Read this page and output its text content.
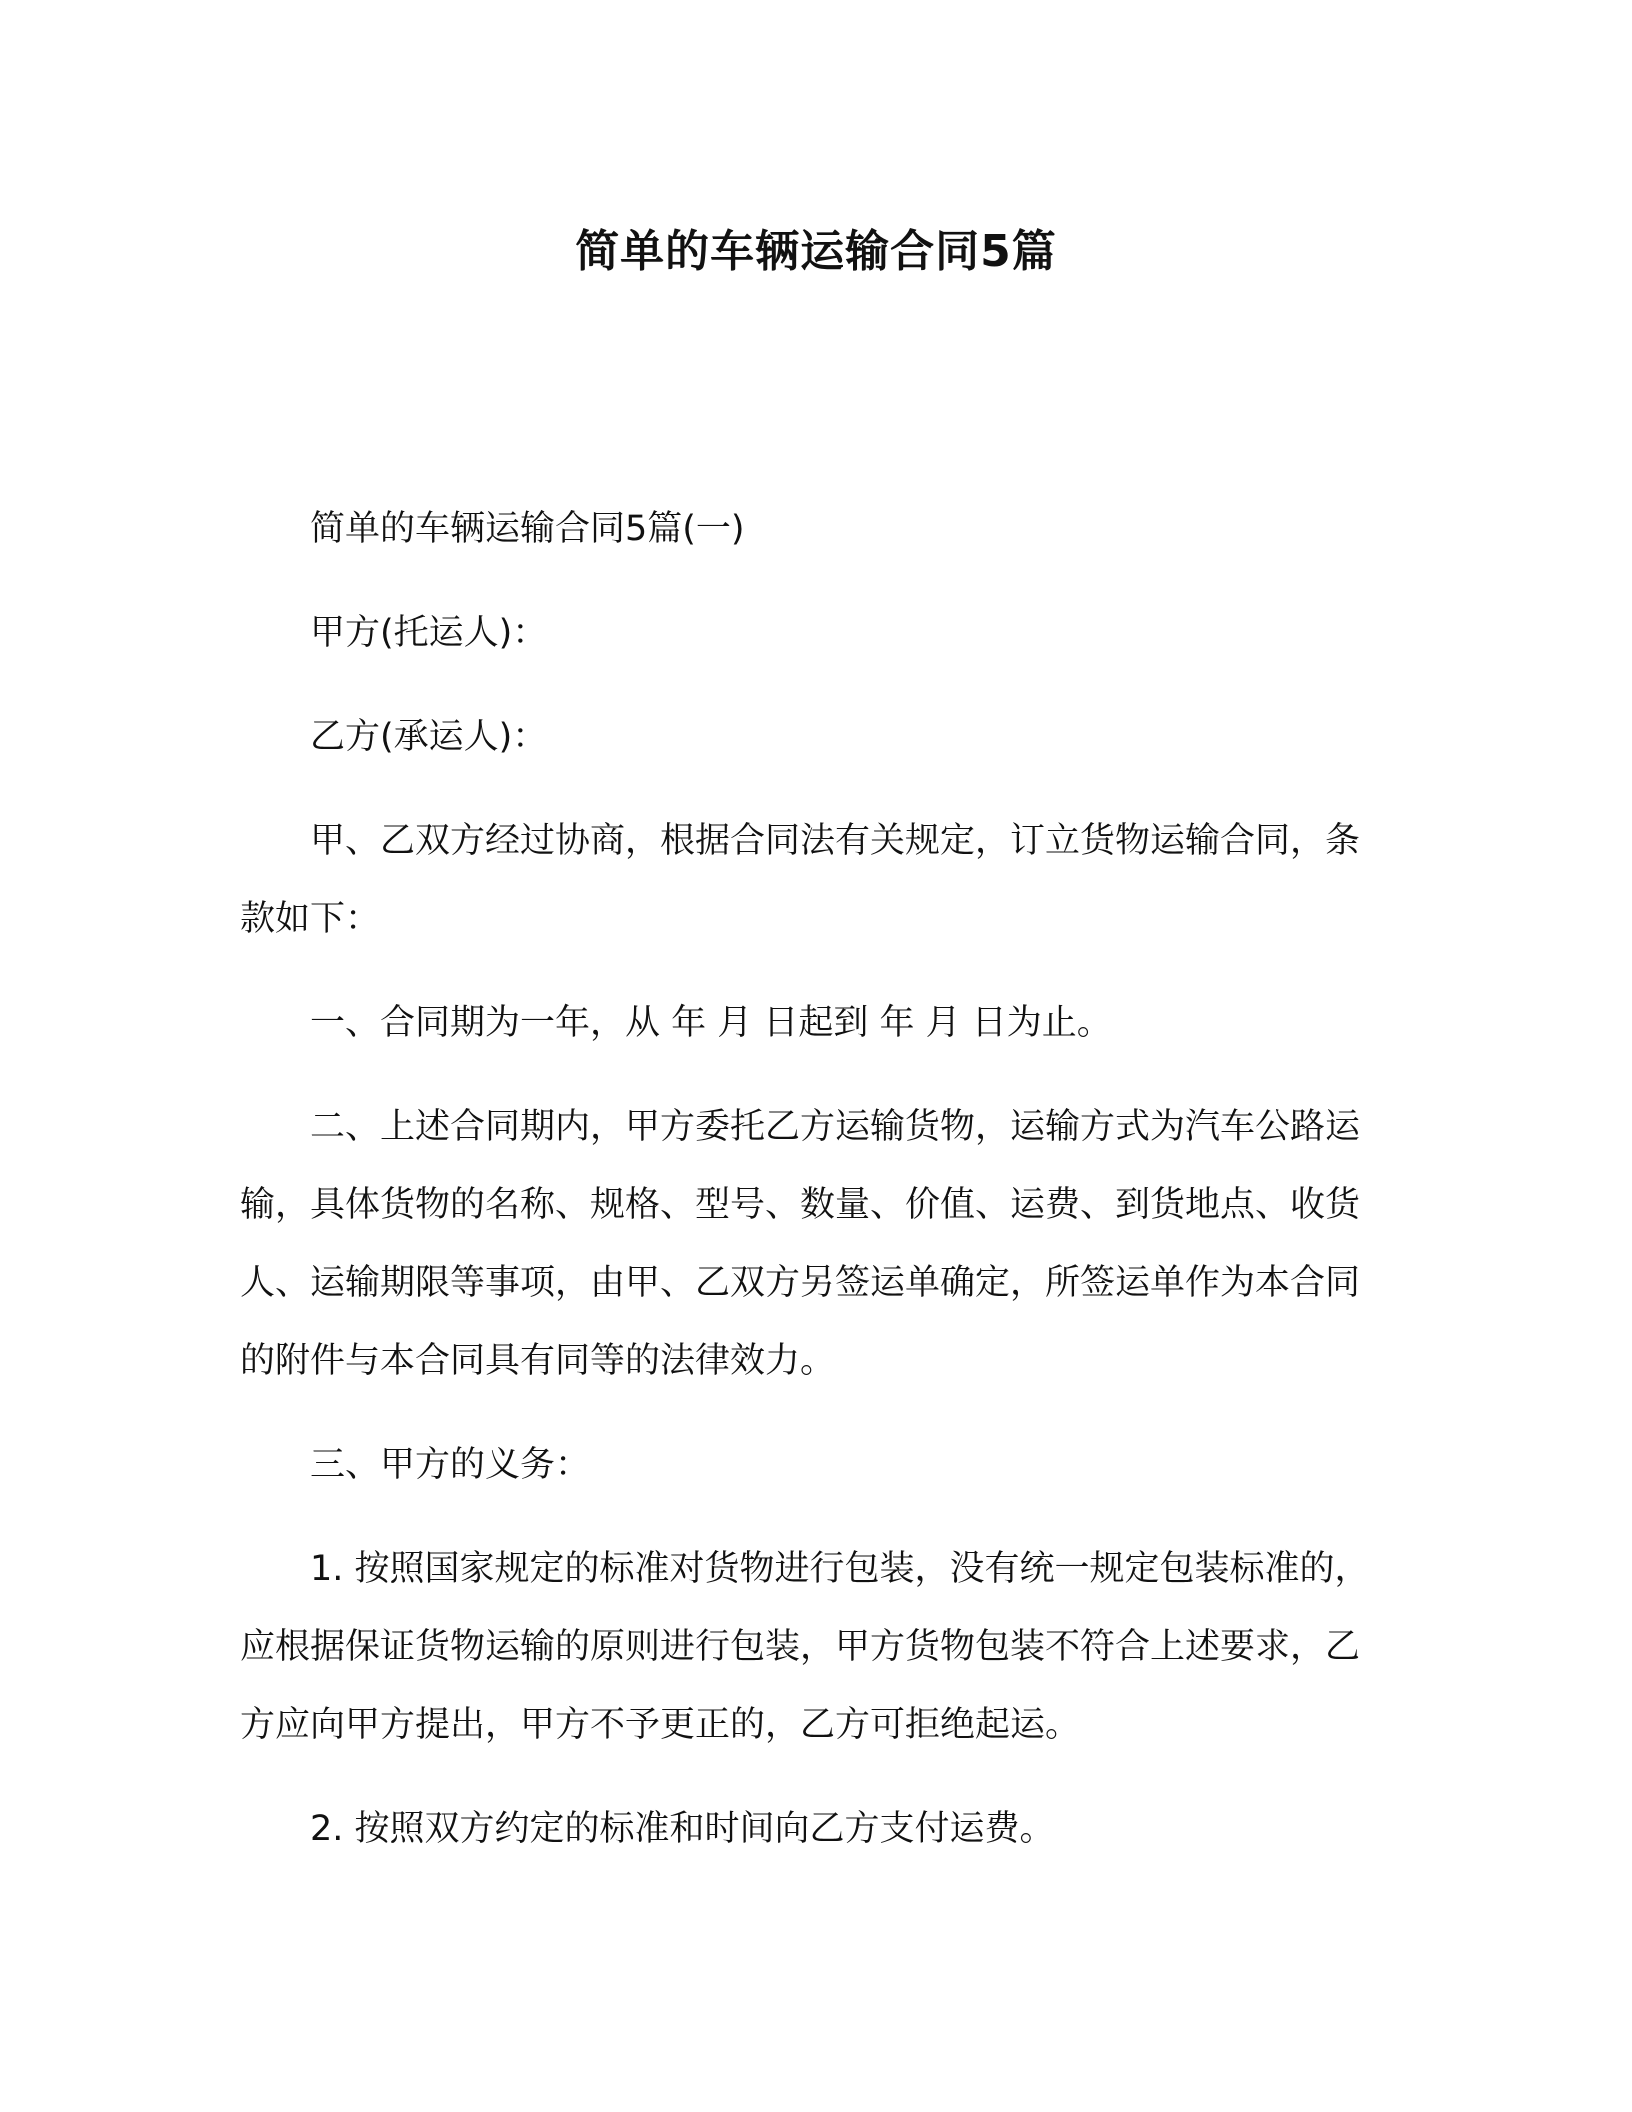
简单的车辆运输合同5篇

简单的车辆运输合同5篇(一)

甲方(托运人)：

乙方(承运人)：

甲、乙双方经过协商，根据合同法有关规定，订立货物运输合同，条款如下：

一、合同期为一年，从 年 月 日起到 年 月 日为止。

二、上述合同期内，甲方委托乙方运输货物，运输方式为汽车公路运输，具体货物的名称、规格、型号、数量、价值、运费、到货地点、收货人、运输期限等事项，由甲、乙双方另签运单确定，所签运单作为本合同的附件与本合同具有同等的法律效力。

三、甲方的义务：

1. 按照国家规定的标准对货物进行包装，没有统一规定包装标准的，应根据保证货物运输的原则进行包装，甲方货物包装不符合上述要求，乙方应向甲方提出，甲方不予更正的，乙方可拒绝起运。

2. 按照双方约定的标准和时间向乙方支付运费。
